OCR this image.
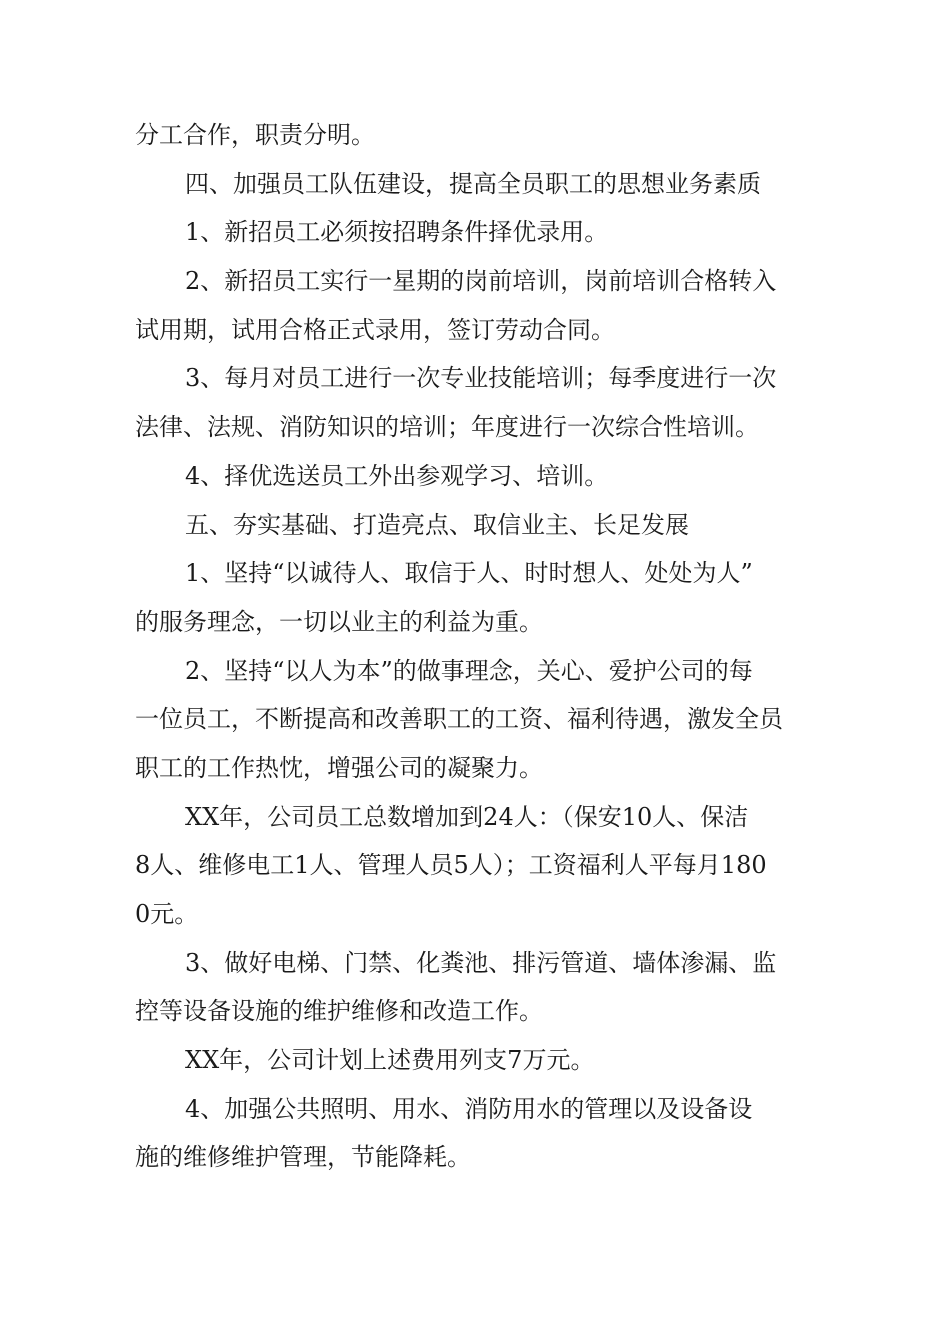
分工合作，职责分明。
四、加强员工队伍建设，提高全员职工的思想业务素质
1、新招员工必须按招聘条件择优录用。
2、新招员工实行一星期的岗前培训，岗前培训合格转入
试用期，试用合格正式录用，签订劳动合同。
3、每月对员工进行一次专业技能培训；每季度进行一次
法律、法规、消防知识的培训；年度进行一次综合性培训。
4、择优选送员工外出参观学习、培训。
五、夯实基础、打造亮点、取信业主、长足发展
1、坚持“以诚待人、取信于人、时时想人、处处为人”
的服务理念，一切以业主的利益为重。
2、坚持“以人为本”的做事理念，关心、爱护公司的每
一位员工，不断提高和改善职工的工资、福利待遇，激发全员
职工的工作热忱，增强公司的凝聚力。
XX年，公司员工总数增加到24人：（保安10人、保洁
8人、维修电工1人、管理人员5人）；工资福利人平每月180
0元。
3、做好电梯、门禁、化粪池、排污管道、墙体渗漏、监
控等设备设施的维护维修和改造工作。
XX年，公司计划上述费用列支7万元。
4、加强公共照明、用水、消防用水的管理以及设备设
施的维修维护管理，节能降耗。
